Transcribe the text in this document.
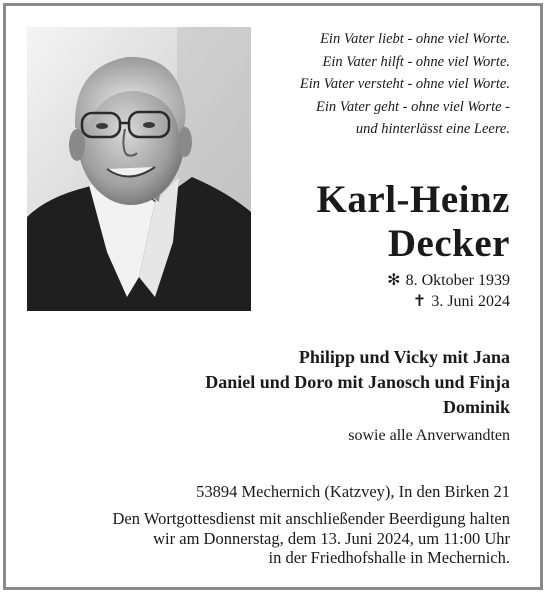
Ein Vater liebt - ohne viel Worte.
Ein Vater hilft - ohne viel Worte.
Ein Vater versteht - ohne viel Worte.
Ein Vater geht - ohne viel Worte -
und hinterlässt eine Leere.
Karl-Heinz
Decker
✻ 8. Oktober 1939
✝ 3. Juni 2024
Philipp und Vicky mit Jana
Daniel und Doro mit Janosch und Finja
Dominik
sowie alle Anverwandten
53894 Mechernich (Katzvey), In den Birken 21
Den Wortgottesdienst mit anschließender Beerdigung halten
wir am Donnerstag, dem 13. Juni 2024, um 11:00 Uhr
in der Friedhofshalle in Mechernich.
